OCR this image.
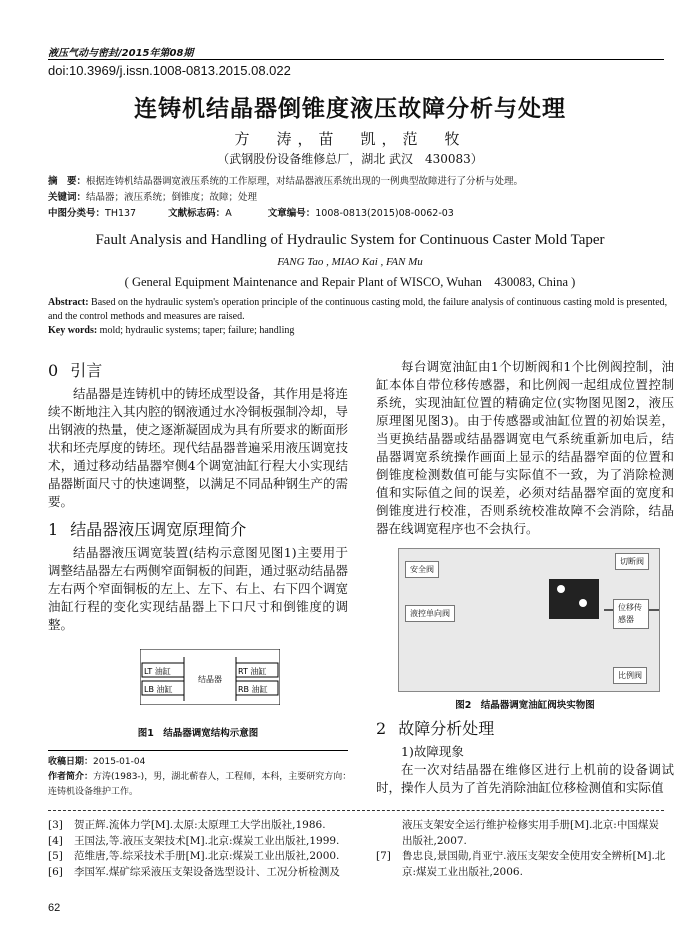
液压气动与密封/2015年第08期
doi:10.3969/j.issn.1008-0813.2015.08.022
连铸机结晶器倒锥度液压故障分析与处理
方　涛，苗　凯，范　牧
（武钢股份设备维修总厂，湖北 武汉　430083）
摘　要：根据连铸机结晶器调宽液压系统的工作原理，对结晶器液压系统出现的一例典型故障进行了分析与处理。
关键词：结晶器；液压系统；倒锥度；故障；处理
中图分类号：TH137	文献标志码：A	文章编号：1008-0813(2015)08-0062-03
Fault Analysis and Handling of Hydraulic System for Continuous Caster Mold Taper
FANG Tao , MIAO Kai , FAN Mu
( General Equipment Maintenance and Repair Plant of WISCO, Wuhan　430083, China )
Abstract: Based on the hydraulic system's operation principle of the continuous casting mold, the failure analysis of continuous casting mold is presented, and the control methods and measures are raised.
Key words: mold; hydraulic systems; taper; failure; handling
0 引言

结晶器是连铸机中的铸坯成型设备，其作用是将连续不断地注入其内腔的钢液通过水冷铜板强制冷却，导出钢液的热量，使之逐渐凝固成为具有所要求的断面形状和坯壳厚度的铸坯。现代结晶器普遍采用液压调宽技术，通过移动结晶器窄侧4个调宽油缸行程大小实现结晶器断面尺寸的快速调整，以满足不同品种钢生产的需要。

1 结晶器液压调宽原理简介

结晶器液压调宽装置(结构示意图见图1)主要用于调整结晶器左右两侧窄面铜板的间距，通过驱动结晶器左右两个窄面铜板的左上、左下、右上、右下四个调宽油缸行程的变化实现结晶器上下口尺寸和倒锥度的调整。

LT 油缸
LB 油缸
RT 油缸
RB 油缸
结晶器
图1　结晶器调宽结构示意图
收稿日期：2015-01-04
作者简介：方涛(1983-)，男，湖北蕲春人，工程师，本科，主要研究方向：
连铸机设备维护工作。

每台调宽油缸由1个切断阀和1个比例阀控制，油缸本体自带位移传感器，和比例阀一起组成位置控制系统，实现油缸位置的精确定位(实物图见图2，液压原理图见图3)。由于传感器或油缸位置的初始误差，当更换结晶器或结晶器调宽电气系统重新加电后，结晶器调宽系统操作画面上显示的结晶器窄面的位置和倒锥度检测数值可能与实际值不一致，为了消除检测值和实际值之间的误差，必须对结晶器窄面的宽度和倒锥度进行校准，否则系统校准故障不会消除，结晶器在线调宽程序也不会执行。

安全阀
切断阀
液控单向阀
位移传感器
比例阀
图2　结晶器调宽油缸阀块实物图
2 故障分析处理
1)故障现象

在一次对结晶器在维修区进行上机前的设备调试时，操作人员为了首先消除油缸位移检测值和实际值

[3] 贺正辉.流体力学[M].太原:太原理工大学出版社,1986.
[4] 王国法,等.液压支架技术[M].北京:煤炭工业出版社,1999.
[5] 范维唐,等.综采技术手册[M].北京:煤炭工业出版社,2000.
[6] 李国军.煤矿综采液压支架设备选型设计、工况分析检测及
液压支架安全运行维护检修实用手册[M].北京:中国煤炭出版社,2007.
[7] 鲁忠良,景国勋,肖亚宁.液压支架安全使用安全辨析[M].北京:煤炭工业出版社,2006.
62
